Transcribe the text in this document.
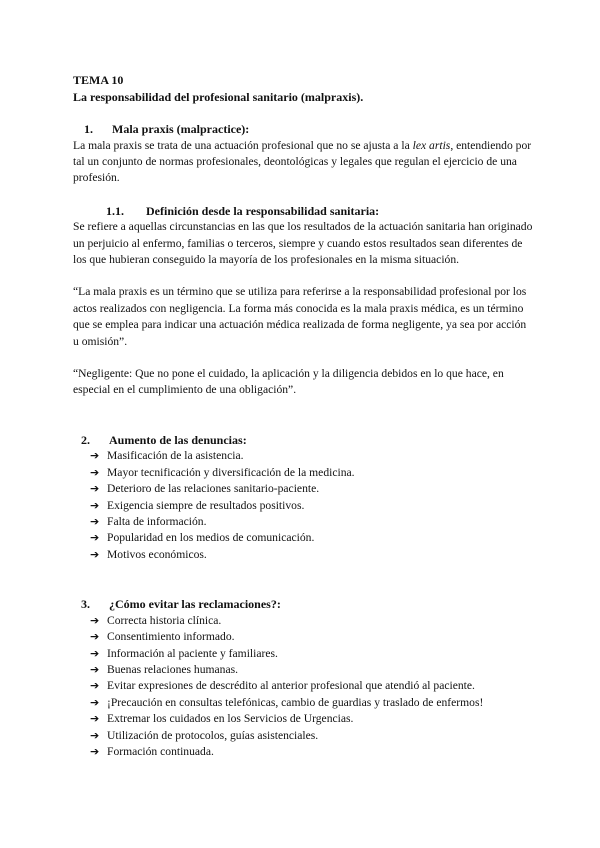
TEMA 10

La responsabilidad del profesional sanitario (malpraxis).

1.	Mala praxis (malpractice):

La mala praxis se trata de una actuación profesional que no se ajusta a la lex artis, entendiendo por tal un conjunto de normas profesionales, deontológicas y legales que regulan el ejercicio de una profesión.

1.1.	Definición desde la responsabilidad sanitaria:

Se refiere a aquellas circunstancias en las que los resultados de la actuación sanitaria han originado un perjuicio al enfermo, familias o terceros, siempre y cuando estos resultados sean diferentes de los que hubieran conseguido la mayoría de los profesionales en la misma situación.

“La mala praxis es un término que se utiliza para referirse a la responsabilidad profesional por los actos realizados con negligencia. La forma más conocida es la mala praxis médica, es un término que se emplea para indicar una actuación médica realizada de forma negligente, ya sea por acción u omisión”.

“Negligente: Que no pone el cuidado, la aplicación y la diligencia debidos en lo que hace, en especial en el cumplimiento de una obligación”.

2.	Aumento de las denuncias:
➔ Masificación de la asistencia.
➔ Mayor tecnificación y diversificación de la medicina.
➔ Deterioro de las relaciones sanitario-paciente.
➔ Exigencia siempre de resultados positivos.
➔ Falta de información.
➔ Popularidad en los medios de comunicación.
➔ Motivos económicos.
3.	¿Cómo evitar las reclamaciones?:
➔ Correcta historia clínica.
➔ Consentimiento informado.
➔ Información al paciente y familiares.
➔ Buenas relaciones humanas.
➔ Evitar expresiones de descrédito al anterior profesional que atendió al paciente.
➔ ¡Precaución en consultas telefónicas, cambio de guardias y traslado de enfermos!
➔ Extremar los cuidados en los Servicios de Urgencias.
➔ Utilización de protocolos, guías asistenciales.
➔ Formación continuada.
